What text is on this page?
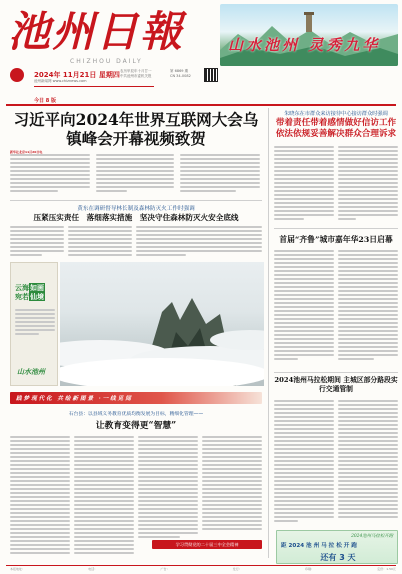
池州日報
CHIZHOU DAILY
2024年 11月21日 星期四 农历甲辰年十月廿一
中共池州市委机关报
第 6869 期
CN 34-0082
池州新闻网 www.chiznews.com
今日 8 版
山水池州 灵秀九华
习近平向2024年世界互联网大会乌镇峰会开幕视频致贺
新华社北京11月20日电
朱晓东在市群众来访接待中心接访群众时强调
带着责任带着感情做好信访工作 依法依规妥善解决群众合理诉求
黄东在调研督导林长制及森林防灭火工作时强调
压紧压实责任　落细落实措施　坚决守住森林防灭火安全底线
云海如画
宛若仙境
山水池州
首届“齐鲁”城市嘉年华23日启幕
践 梦 现 代 化　共 绘 新 图 景　· 一 线 见 闻
石台县：以县域义务教育优质均衡发展为目标，精细化管理——
让教育变得更“智慧”
学习贯彻党的二十届三中全会精神
2024池州马拉松期间 主城区部分路段实行交通管制
2024池州马拉松开跑
距 2024 池 州 马 拉 松 开 跑
还有 3 天
本报地址：	电话：	广告：	发行：	印刷：	定价：1.50元
